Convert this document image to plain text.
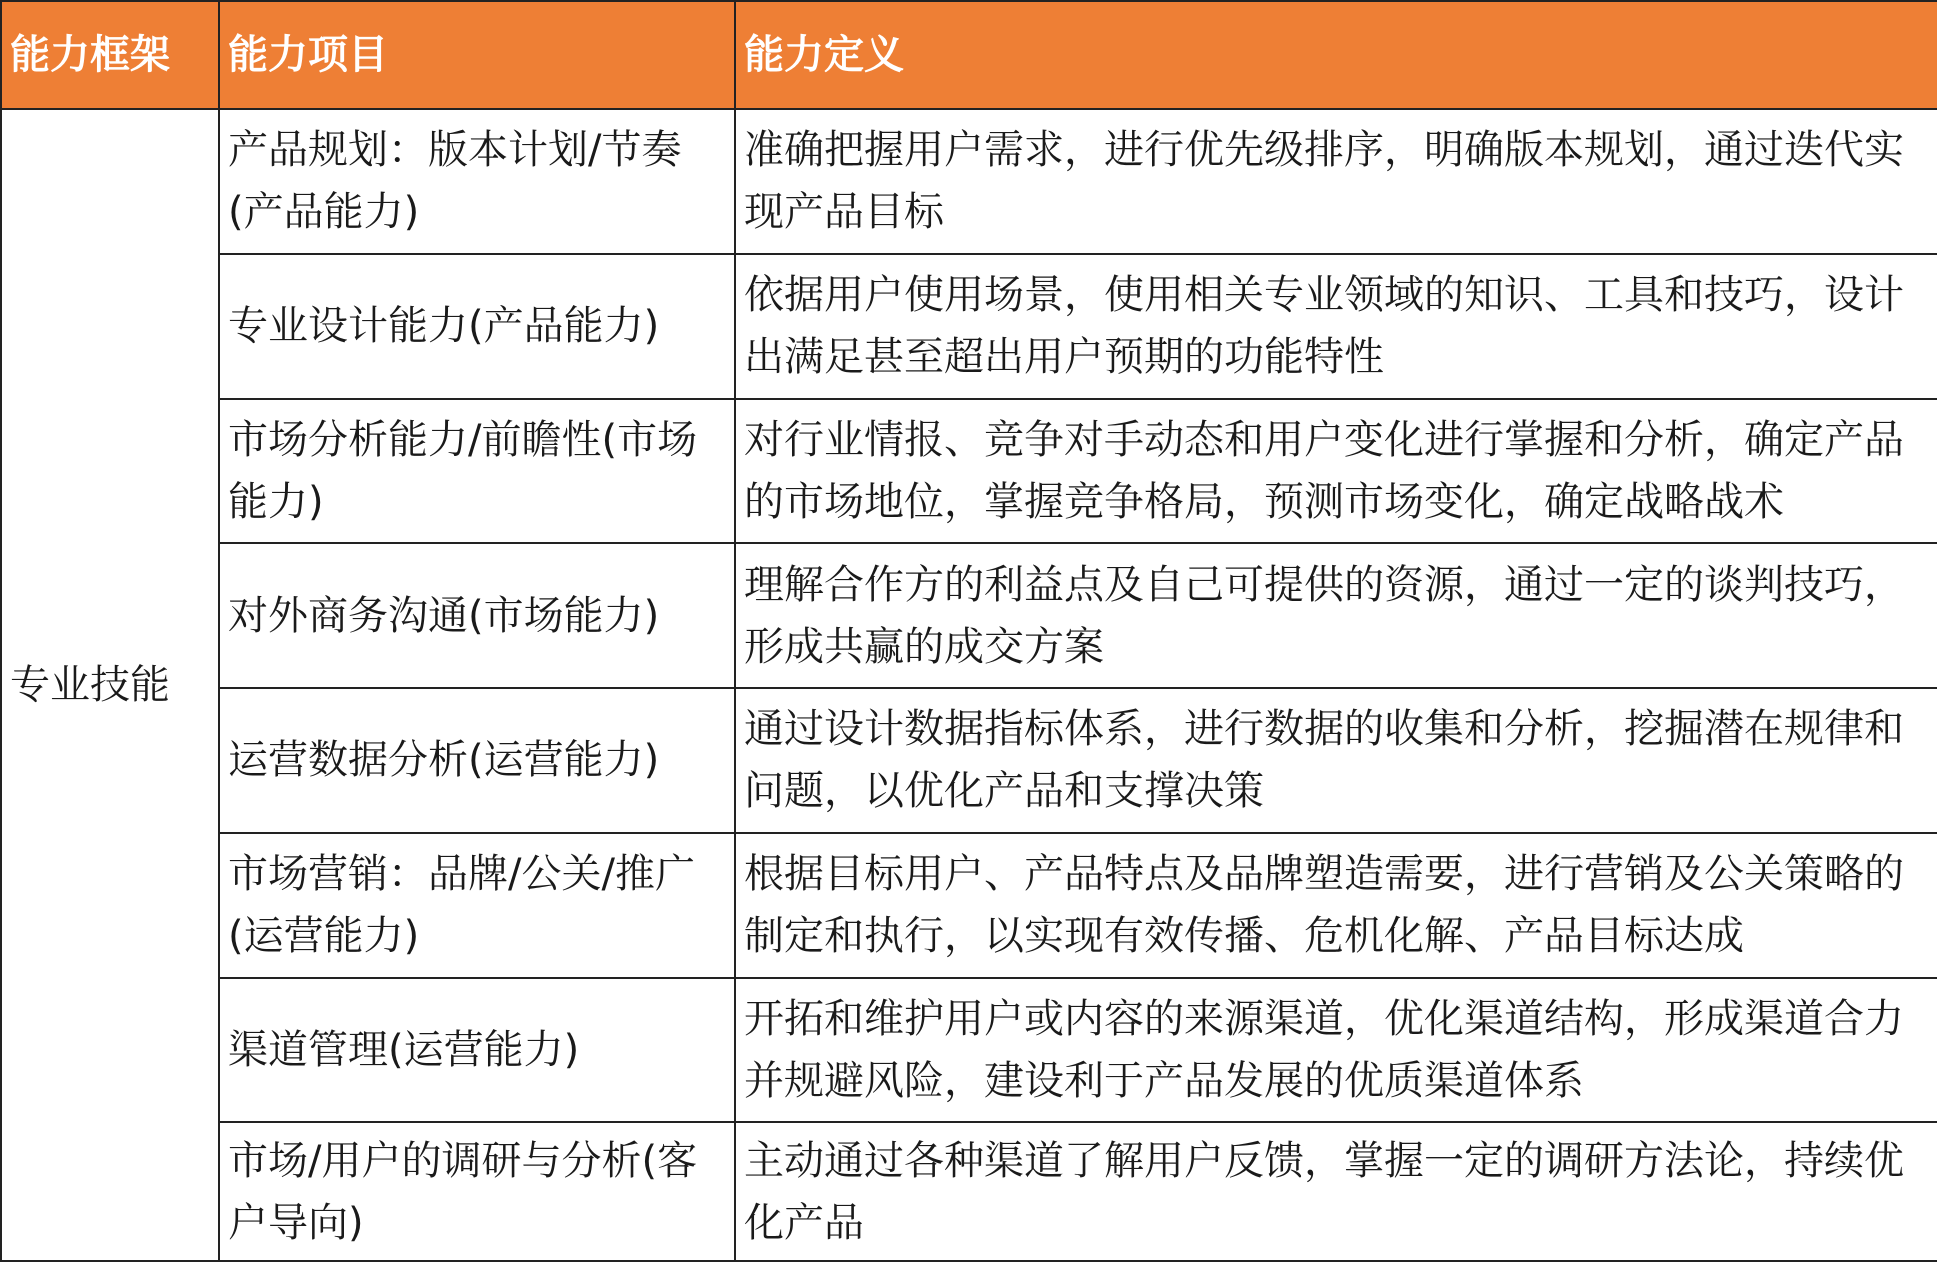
能力框架	能力项目	能力定义
专业技能	产品规划：版本计划/节奏(产品能力)	准确把握用户需求，进行优先级排序，明确版本规划，通过迭代实现产品目标
	专业设计能力(产品能力)	依据用户使用场景，使用相关专业领域的知识、工具和技巧，设计出满足甚至超出用户预期的功能特性
	市场分析能力/前瞻性(市场能力)	对行业情报、竞争对手动态和用户变化进行掌握和分析，确定产品的市场地位，掌握竞争格局，预测市场变化，确定战略战术
	对外商务沟通(市场能力)	理解合作方的利益点及自己可提供的资源，通过一定的谈判技巧，形成共赢的成交方案
	运营数据分析(运营能力)	通过设计数据指标体系，进行数据的收集和分析，挖掘潜在规律和问题，以优化产品和支撑决策
	市场营销：品牌/公关/推广(运营能力)	根据目标用户、产品特点及品牌塑造需要，进行营销及公关策略的制定和执行，以实现有效传播、危机化解、产品目标达成
	渠道管理(运营能力)	开拓和维护用户或内容的来源渠道，优化渠道结构，形成渠道合力并规避风险，建设利于产品发展的优质渠道体系
	市场/用户的调研与分析(客户导向)	主动通过各种渠道了解用户反馈，掌握一定的调研方法论，持续优化产品
